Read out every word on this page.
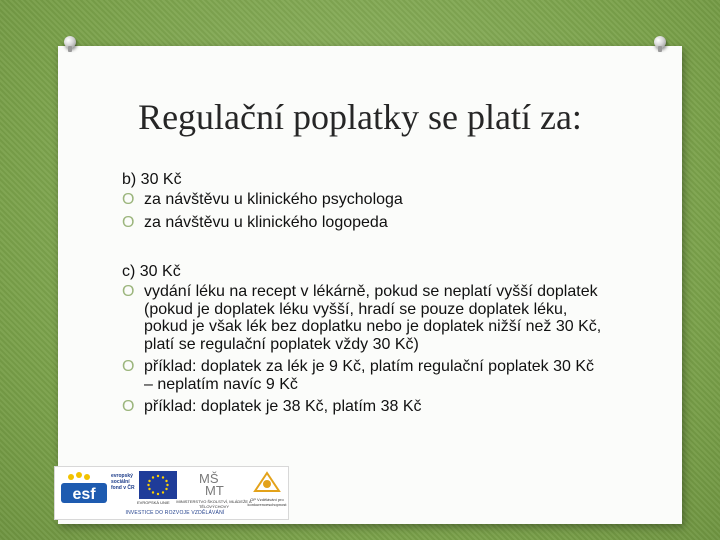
Regulační poplatky se platí za:
b) 30 Kč
O za návštěvu u klinického psychologa
O za návštěvu u klinického logopeda
c) 30 Kč
O vydání léku na recept v lékárně, pokud se neplatí vyšší doplatek (pokud je doplatek léku vyšší, hradí se pouze doplatek léku, pokud je však lék bez doplatku nebo je doplatek nižší než 30 Kč, platí se regulační poplatek vždy 30 Kč)
O příklad: doplatek za lék je 9 Kč, platím regulační poplatek 30 Kč – neplatím navíc 9 Kč
O příklad: doplatek je 38 Kč, platím 38 Kč
esf
evropský sociální fond v ČR
EVROPSKÁ UNIE
MŠ
MT
MINISTERSTVO ŠKOLSTVÍ, MLÁDEŽE A TĚLOVÝCHOVY
OP Vzdělávání pro konkurenceschopnost
INVESTICE DO ROZVOJE VZDĚLÁVÁNÍ
